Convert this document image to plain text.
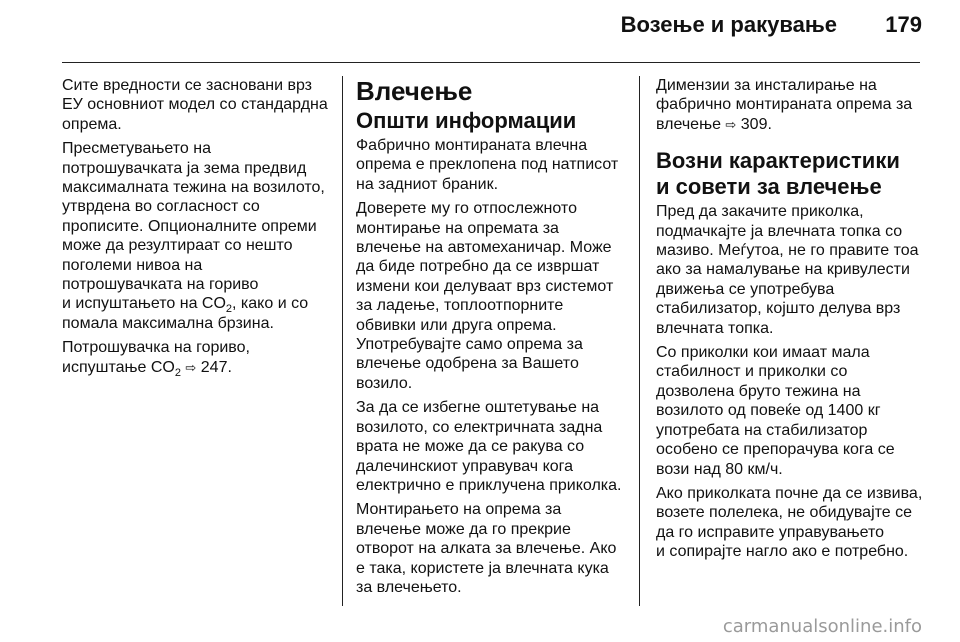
Возење и ракување 179

Сите вредности се засновани врз
ЕУ основниот модел со стандардна
опрема.

Пресметувањето на
потрошувачката ја зема предвид
максималната тежина на возилото,
утврдена во согласност со
прописите. Опционалните опреми
може да резултираат со нешто
поголеми нивоа на
потрошувачката на гориво
и испуштањето на $CO_2$, како и со
помала максимална брзина.

Потрошувачка на гориво,
испуштање $CO_2$ ⇨ 247.

Влечење
Општи информации

Фабрично монтираната влечна
опрема е преклопена под натписот
на задниот браник.

Доверете му го отпослежното
монтирање на опремата за
влечење на автомеханичар. Може
да биде потребно да се извршат
измени кои делуваат врз системот
за ладење, топлоотпорните
обвивки или друга опрема.
Употребувајте само опрема за
влечење одобрена за Вашето
возило.

За да се избегне оштетување на
возилото, со електричната задна
врата не може да се ракува со
далечинскиот управувач кога
електрично е приклучена приколка.

Монтирањето на опрема за
влечење може да го прекрие
отворот на алката за влечење. Ако
е така, користете ја влечната кука
за влечењето.

Димензии за инсталирање на
фабрично монтираната опрема за
влечење ⇨ 309.

Возни карактеристики
и совети за влечење

Пред да закачите приколка,
подмачкајте ја влечната топка со
мазиво. Меѓутоа, не го правите тоа
ако за намалување на кривулести
движења се употребува
стабилизатор, којшто делува врз
влечната топка.

Со приколки кои имаат мала
стабилност и приколки со
дозволена бруто тежина на
возилото од повеќе од 1400 кг
употребата на стабилизатор
особено се препорачува кога се
вози над 80 км/ч.

Ако приколката почне да се извива,
возете полелека, не обидувајте се
да го исправите управувањето
и сопирајте нагло ако е потребно.

carmanualsonline.info
